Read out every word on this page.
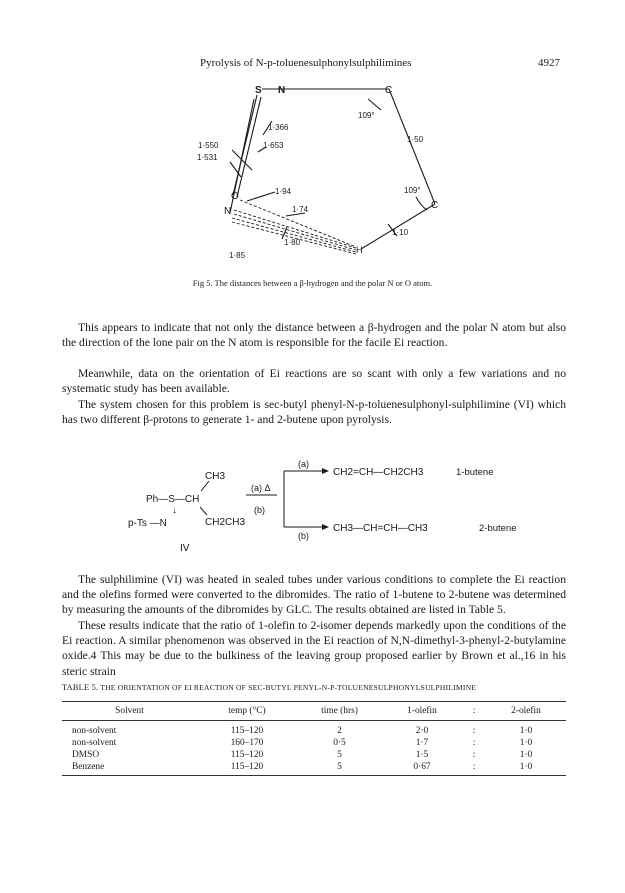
Pyrolysis of N-p-toluenesulphonylsulphilimines	4927
S N	C
C
O
N
H
1·366
1·653
1·550
1·531
1·94
1·74
1·80
1·85
1·10
1·50
109°
109°
Fig 5. The distances between a β-hydrogen and the polar N or O atom.

This appears to indicate that not only the distance between a β-hydrogen and the polar N atom but also the direction of the lone pair on the N atom is responsible for the facile Ei reaction.

Meanwhile, data on the orientation of Ei reactions are so scant with only a few variations and no systematic study has been available.

The system chosen for this problem is sec-butyl phenyl-N-p-toluenesulphonyl-sulphilimine (VI) which has two different β-protons to generate 1- and 2-butene upon pyrolysis.

CH3
Ph—S—CH
↓
p-Ts —N	CH2CH3
IV
(a) Δ
(b)
(a)
(b)
CH2=CH—CH2CH3	1-butene
CH3—CH=CH—CH3	2-butene

The sulphilimine (VI) was heated in sealed tubes under various conditions to complete the Ei reaction and the olefins formed were converted to the dibromides. The ratio of 1-butene to 2-butene was determined by measuring the amounts of the dibromides by GLC. The results obtained are listed in Table 5.

These results indicate that the ratio of 1-olefin to 2-isomer depends markedly upon the conditions of the Ei reaction. A similar phenomenon was observed in the Ei reaction of N,N-dimethyl-3-phenyl-2-butylamine oxide.4 This may be due to the bulkiness of the leaving group proposed earlier by Brown et al.,16 in his steric strain

TABLE 5. THE ORIENTATION OF EI REACTION OF SEC-BUTYL PENYL-N-P-TOLUENESULPHONYLSULPHILIMINE
Solvent	temp (°C)	time (hrs)	1-olefin	:	2-olefin
non-solvent	115–120	2	2·0	:	1·0
non-solvent	160–170	0·5	1·7	:	1·0
DMSO	115–120	5	1·5	:	1·0
Benzene	115–120	5	0·67	:	1·0
